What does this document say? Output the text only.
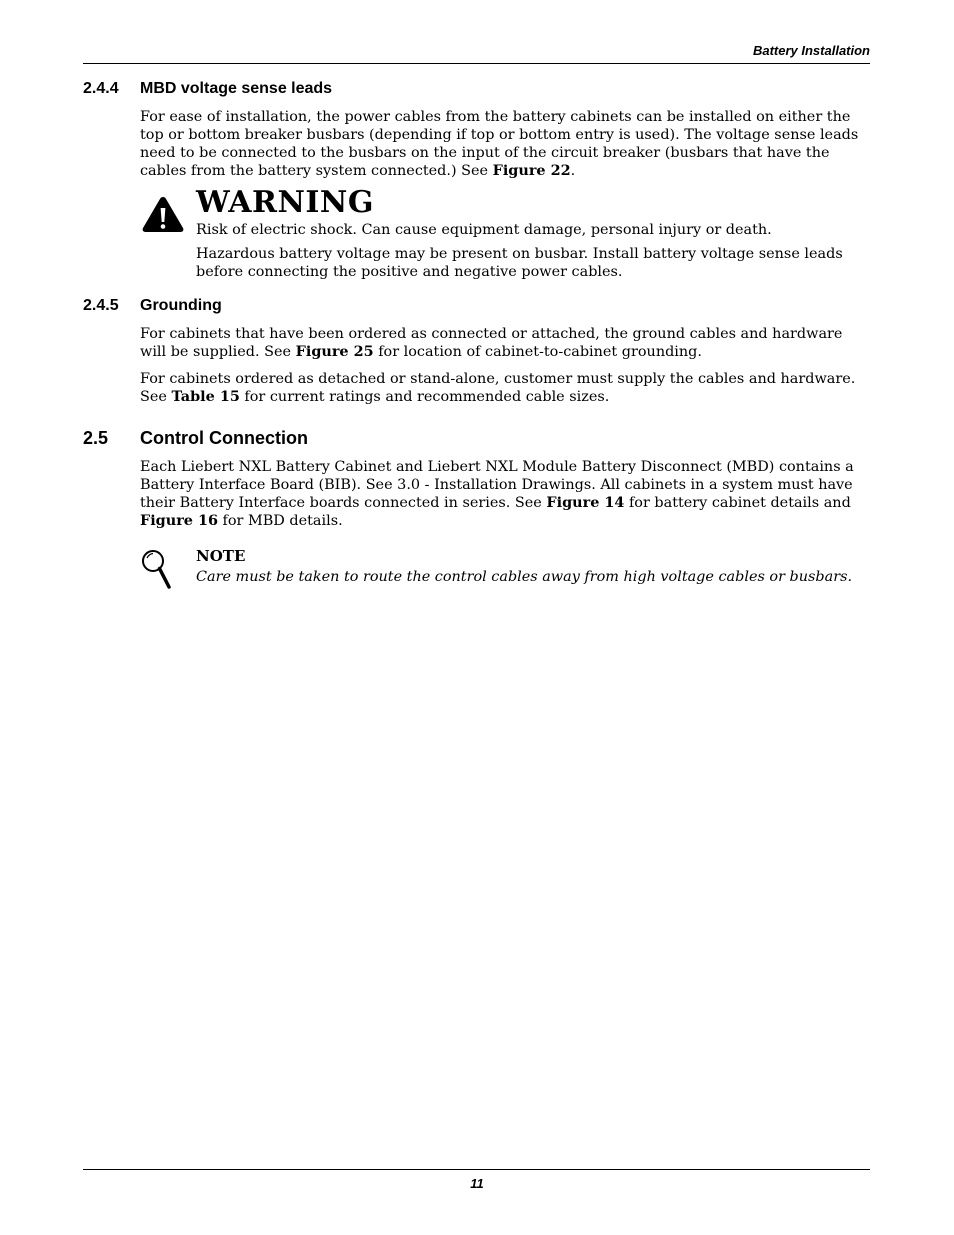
Battery Installation
2.4.4 MBD voltage sense leads

For ease of installation, the power cables from the battery cabinets can be installed on either the top or bottom breaker busbars (depending if top or bottom entry is used). The voltage sense leads need to be connected to the busbars on the input of the circuit breaker (busbars that have the cables from the battery system connected.) See Figure 22.

WARNING

Risk of electric shock. Can cause equipment damage, personal injury or death.

Hazardous battery voltage may be present on busbar. Install battery voltage sense leads before connecting the positive and negative power cables.

2.4.5 Grounding

For cabinets that have been ordered as connected or attached, the ground cables and hardware will be supplied. See Figure 25 for location of cabinet-to-cabinet grounding.

For cabinets ordered as detached or stand-alone, customer must supply the cables and hardware. See Table 15 for current ratings and recommended cable sizes.

2.5 Control Connection

Each Liebert NXL Battery Cabinet and Liebert NXL Module Battery Disconnect (MBD) contains a Battery Interface Board (BIB). See 3.0 - Installation Drawings. All cabinets in a system must have their Battery Interface boards connected in series. See Figure 14 for battery cabinet details and Figure 16 for MBD details.

NOTE
Care must be taken to route the control cables away from high voltage cables or busbars.
11
